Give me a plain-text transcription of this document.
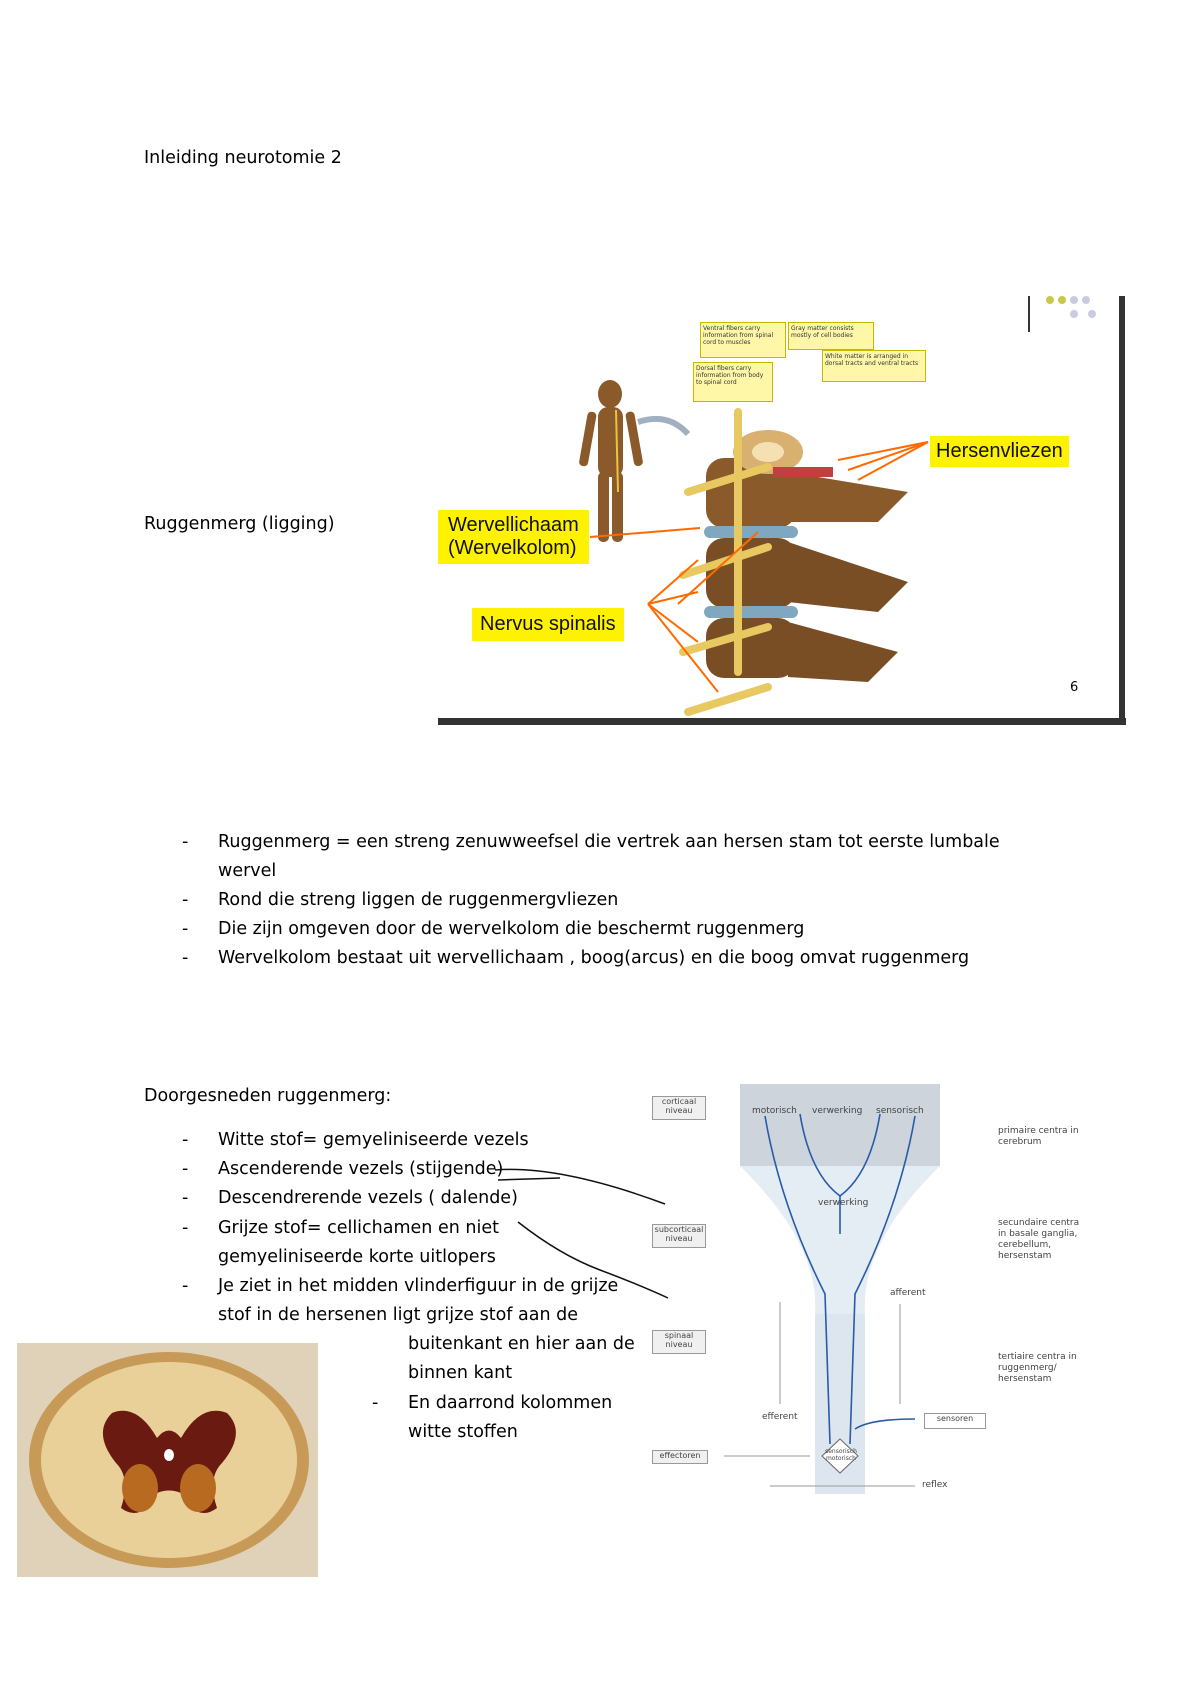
Inleiding neurotomie 2
Ruggenmerg (ligging)
Ventral fibers carry information from spinal cord to muscles
Dorsal fibers carry information from body to spinal cord
Gray matter consists mostly of cell bodies
White matter is arranged in dorsal tracts and ventral tracts
Hersenvliezen
Wervellichaam
(Wervelkolom)
Nervus spinalis
6
- Ruggenmerg = een streng zenuwweefsel die vertrek aan hersen stam tot eerste lumbale
wervel
- Rond die streng liggen de ruggenmergvliezen
- Die zijn omgeven door de wervelkolom die beschermt ruggenmerg
- Wervelkolom bestaat uit wervellichaam , boog(arcus) en die boog omvat ruggenmerg
Doorgesneden ruggenmerg:
- Witte stof= gemyeliniseerde vezels
- Ascenderende vezels (stijgende)
- Descendrerende vezels ( dalende)
- Grijze stof= cellichamen en niet
gemyeliniseerde korte uitlopers
- Je ziet in het midden vlinderfiguur in de grijze
stof in de hersenen ligt grijze stof aan de
buitenkant en hier aan de
binnen kant
- En daarrond kolommen
witte stoffen
corticaal niveau
subcorticaal niveau
spinaal niveau
effectoren
sensoren
motorisch verwerking sensorisch
verwerking
afferent
efferent
reflex
sensorisch motorisch
primaire centra in cerebrum
secundaire centra in basale ganglia, cerebellum, hersenstam
tertiaire centra in ruggenmerg/ hersenstam
